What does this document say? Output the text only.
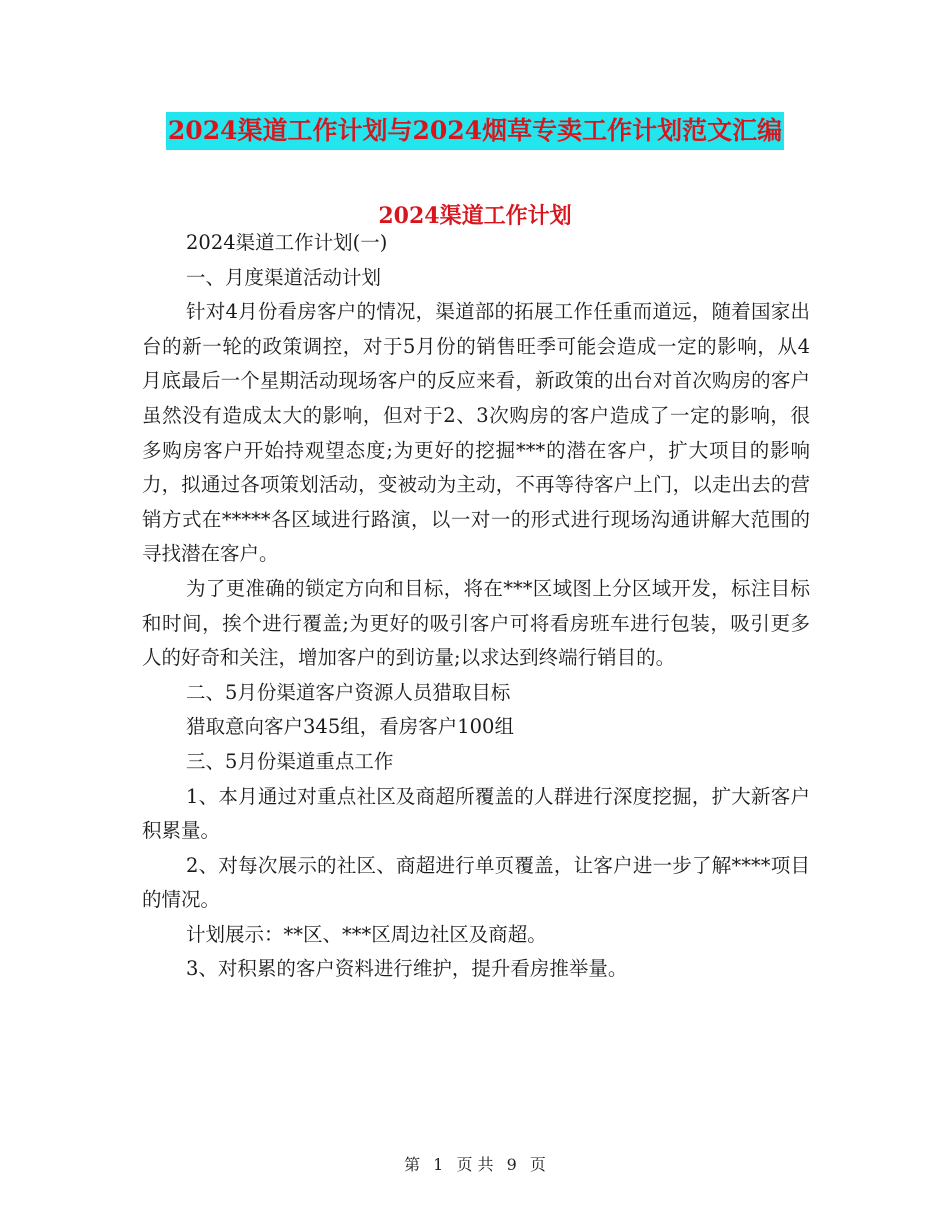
2024渠道工作计划与2024烟草专卖工作计划范文汇编
2024渠道工作计划

2024渠道工作计划(一)

一、月度渠道活动计划

针对4月份看房客户的情况，渠道部的拓展工作任重而道远，随着国家出台的新一轮的政策调控，对于5月份的销售旺季可能会造成一定的影响，从4月底最后一个星期活动现场客户的反应来看，新政策的出台对首次购房的客户虽然没有造成太大的影响，但对于2、3次购房的客户造成了一定的影响，很多购房客户开始持观望态度;为更好的挖掘***的潜在客户，扩大项目的影响力，拟通过各项策划活动，变被动为主动，不再等待客户上门，以走出去的营销方式在*****各区域进行路演，以一对一的形式进行现场沟通讲解大范围的寻找潜在客户。

为了更准确的锁定方向和目标，将在***区域图上分区域开发，标注目标和时间，挨个进行覆盖;为更好的吸引客户可将看房班车进行包装，吸引更多人的好奇和关注，增加客户的到访量;以求达到终端行销目的。

二、5月份渠道客户资源人员猎取目标

猎取意向客户345组，看房客户100组

三、5月份渠道重点工作

1、本月通过对重点社区及商超所覆盖的人群进行深度挖掘，扩大新客户积累量。

2、对每次展示的社区、商超进行单页覆盖，让客户进一步了解****项目的情况。

计划展示：**区、***区周边社区及商超。

3、对积累的客户资料进行维护，提升看房推举量。

第 1 页 共 9 页
